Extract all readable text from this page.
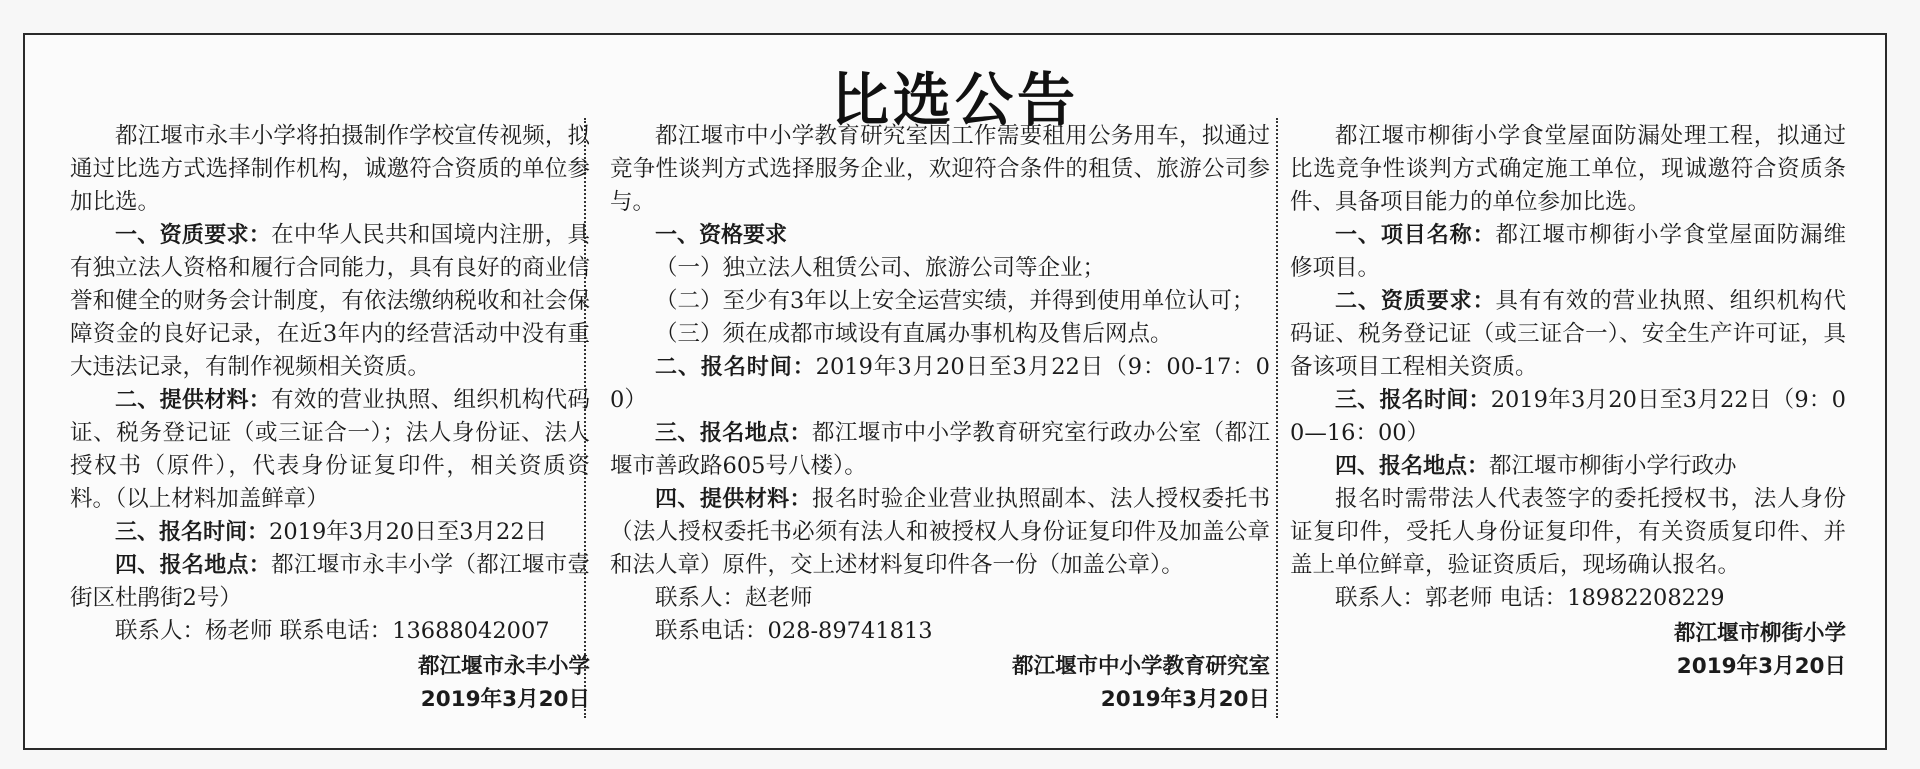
比选公告

都江堰市永丰小学将拍摄制作学校宣传视频，拟通过比选方式选择制作机构，诚邀符合资质的单位参加比选。

一、资质要求：在中华人民共和国境内注册，具有独立法人资格和履行合同能力，具有良好的商业信誉和健全的财务会计制度，有依法缴纳税收和社会保障资金的良好记录，在近3年内的经营活动中没有重大违法记录，有制作视频相关资质。

二、提供材料：有效的营业执照、组织机构代码证、税务登记证（或三证合一）；法人身份证、法人授权书（原件），代表身份证复印件，相关资质资料。（以上材料加盖鲜章）

三、报名时间：2019年3月20日至3月22日

四、报名地点：都江堰市永丰小学（都江堰市壹街区杜鹃街2号）

联系人：杨老师 联系电话：13688042007

都江堰市永丰小学

2019年3月20日

都江堰市中小学教育研究室因工作需要租用公务用车，拟通过竞争性谈判方式选择服务企业，欢迎符合条件的租赁、旅游公司参与。

一、资格要求

（一）独立法人租赁公司、旅游公司等企业；

（二）至少有3年以上安全运营实绩，并得到使用单位认可；

（三）须在成都市域设有直属办事机构及售后网点。

二、报名时间：2019年3月20日至3月22日（9：00-17：00）

三、报名地点：都江堰市中小学教育研究室行政办公室（都江堰市善政路605号八楼）。

四、提供材料：报名时验企业营业执照副本、法人授权委托书（法人授权委托书必须有法人和被授权人身份证复印件及加盖公章和法人章）原件，交上述材料复印件各一份（加盖公章）。

联系人：赵老师

联系电话：028-89741813

都江堰市中小学教育研究室

2019年3月20日

都江堰市柳街小学食堂屋面防漏处理工程，拟通过比选竞争性谈判方式确定施工单位，现诚邀符合资质条件、具备项目能力的单位参加比选。

一、项目名称：都江堰市柳街小学食堂屋面防漏维修项目。

二、资质要求：具有有效的营业执照、组织机构代码证、税务登记证（或三证合一）、安全生产许可证，具备该项目工程相关资质。

三、报名时间：2019年3月20日至3月22日（9：00—16：00）

四、报名地点：都江堰市柳街小学行政办

报名时需带法人代表签字的委托授权书，法人身份证复印件，受托人身份证复印件，有关资质复印件、并盖上单位鲜章，验证资质后，现场确认报名。

联系人：郭老师 电话：18982208229

都江堰市柳街小学

2019年3月20日
